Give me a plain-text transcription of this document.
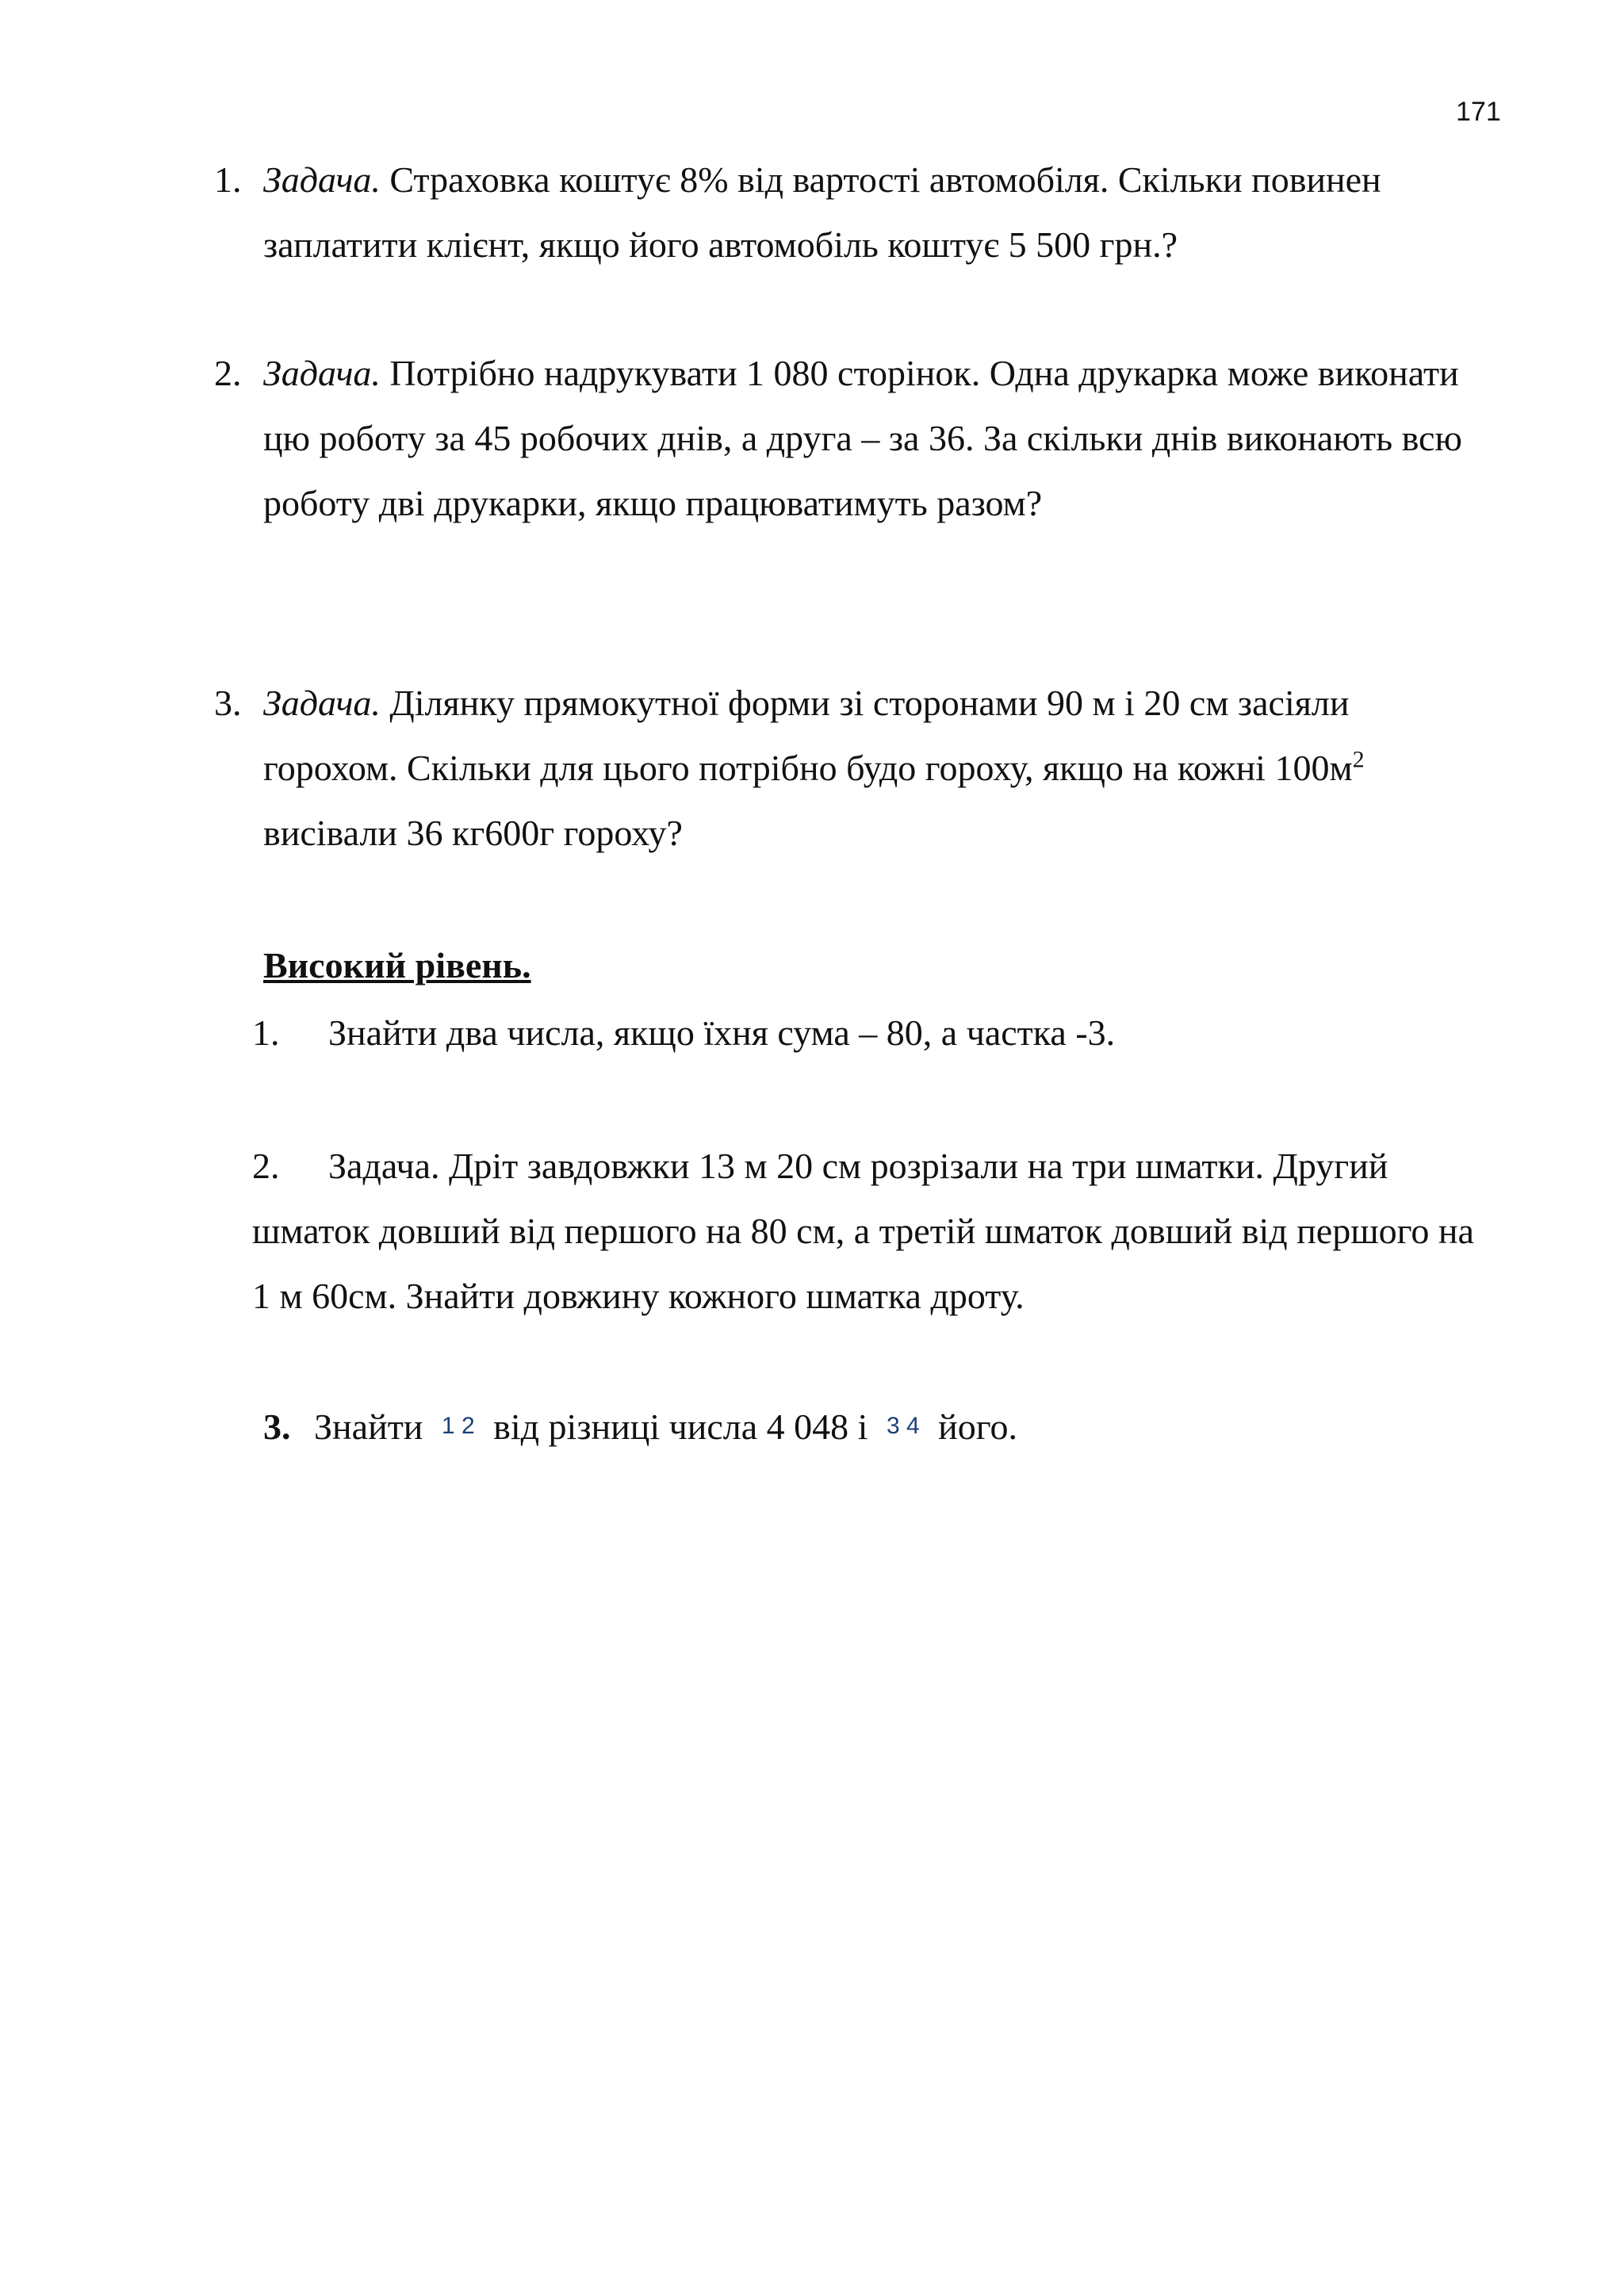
171
1. Задача. Страховка коштує 8% від вартості автомобіля. Скільки повинен
заплатити клієнт, якщо його автомобіль коштує 5 500 грн.?
2. Задача. Потрібно надрукувати 1 080 сторінок. Одна друкарка може виконати
цю роботу за 45 робочих днів, а друга – за 36. За скільки днів виконають всю
роботу дві друкарки, якщо працюватимуть разом?
3. Задача. Ділянку прямокутної форми зі сторонами 90 м і 20 см засіяли
горохом. Скільки для цього потрібно будо гороху, якщо на кожні $100м^2$
висівали 36 кг600г гороху?
Високий рівень.
1. Знайти два числа, якщо їхня сума – 80, а частка -3.
2. Задача. Дріт завдовжки 13 м 20 см розрізали на три шматки. Другий
шматок довший від першого на 80 см, а третій шматок довший від першого на
1 м 60см. Знайти довжину кожного шматка дроту.
3. Знайти 1 2 від різниці числа 4 048 і 3 4 його.
